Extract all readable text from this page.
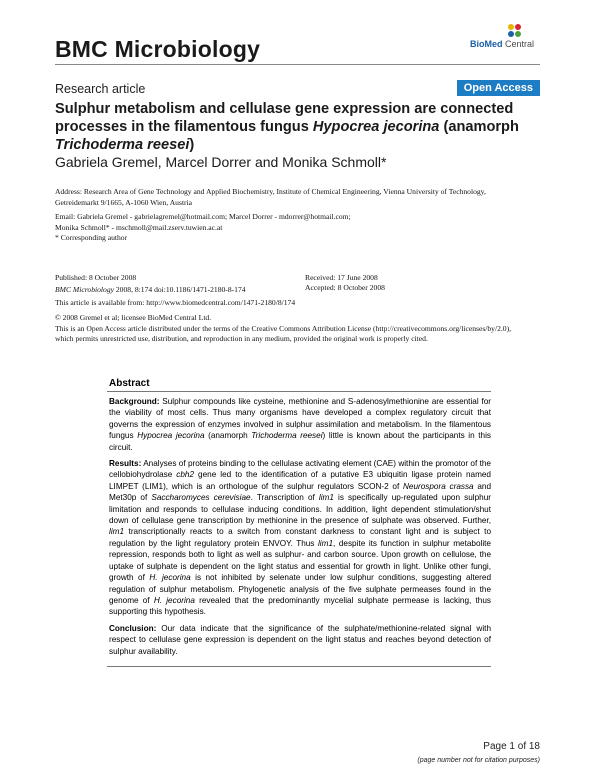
BMC Microbiology	BioMed Central
Research article	Open Access
Sulphur metabolism and cellulase gene expression are connected
processes in the filamentous fungus Hypocrea jecorina (anamorph
Trichoderma reesei)
Gabriela Gremel, Marcel Dorrer and Monika Schmoll*
Address: Research Area of Gene Technology and Applied Biochemistry, Institute of Chemical Engineering, Vienna University of Technology,
Getreidemarkt 9/1665, A-1060 Wien, Austria
Email: Gabriela Gremel - gabrielagremel@hotmail.com; Marcel Dorrer - mdorrer@hotmail.com;
Monika Schmoll* - mschmoll@mail.zserv.tuwien.ac.at
* Corresponding author
Published: 8 October 2008	Received: 17 June 2008
Accepted: 8 October 2008
BMC Microbiology 2008, 8:174 doi:10.1186/1471-2180-8-174
This article is available from: http://www.biomedcentral.com/1471-2180/8/174
© 2008 Gremel et al; licensee BioMed Central Ltd.
This is an Open Access article distributed under the terms of the Creative Commons Attribution License (http://creativecommons.org/licenses/by/2.0),
which permits unrestricted use, distribution, and reproduction in any medium, provided the original work is properly cited.
Abstract

Background: Sulphur compounds like cysteine, methionine and S-adenosylmethionine are essential for the viability of most cells. Thus many organisms have developed a complex regulatory circuit that governs the expression of enzymes involved in sulphur assimilation and metabolism. In the filamentous fungus Hypocrea jecorina (anamorph Trichoderma reesei) little is known about the participants in this circuit.

Results: Analyses of proteins binding to the cellulase activating element (CAE) within the promotor of the cellobiohydrolase cbh2 gene led to the identification of a putative E3 ubiquitin ligase protein named LIMPET (LIM1), which is an orthologue of the sulphur regulators SCON-2 of Neurospora crassa and Met30p of Saccharomyces cerevisiae. Transcription of lim1 is specifically up-regulated upon sulphur limitation and responds to cellulase inducing conditions. In addition, light dependent stimulation/shut down of cellulase gene transcription by methionine in the presence of sulphate was observed. Further, lim1 transcriptionally reacts to a switch from constant darkness to constant light and is subject to regulation by the light regulatory protein ENVOY. Thus lim1, despite its function in sulphur metabolite repression, responds both to light as well as sulphur- and carbon source. Upon growth on cellulose, the uptake of sulphate is dependent on the light status and essential for growth in light. Unlike other fungi, growth of H. jecorina is not inhibited by selenate under low sulphur conditions, suggesting altered regulation of sulphur metabolism. Phylogenetic analysis of the five sulphate permeases found in the genome of H. jecorina revealed that the predominantly mycelial sulphate permease is lacking, thus supporting this hypothesis.

Conclusion: Our data indicate that the significance of the sulphate/methionine-related signal with respect to cellulase gene expression is dependent on the light status and reaches beyond detection of sulphur availability.

Page 1 of 18
(page number not for citation purposes)
